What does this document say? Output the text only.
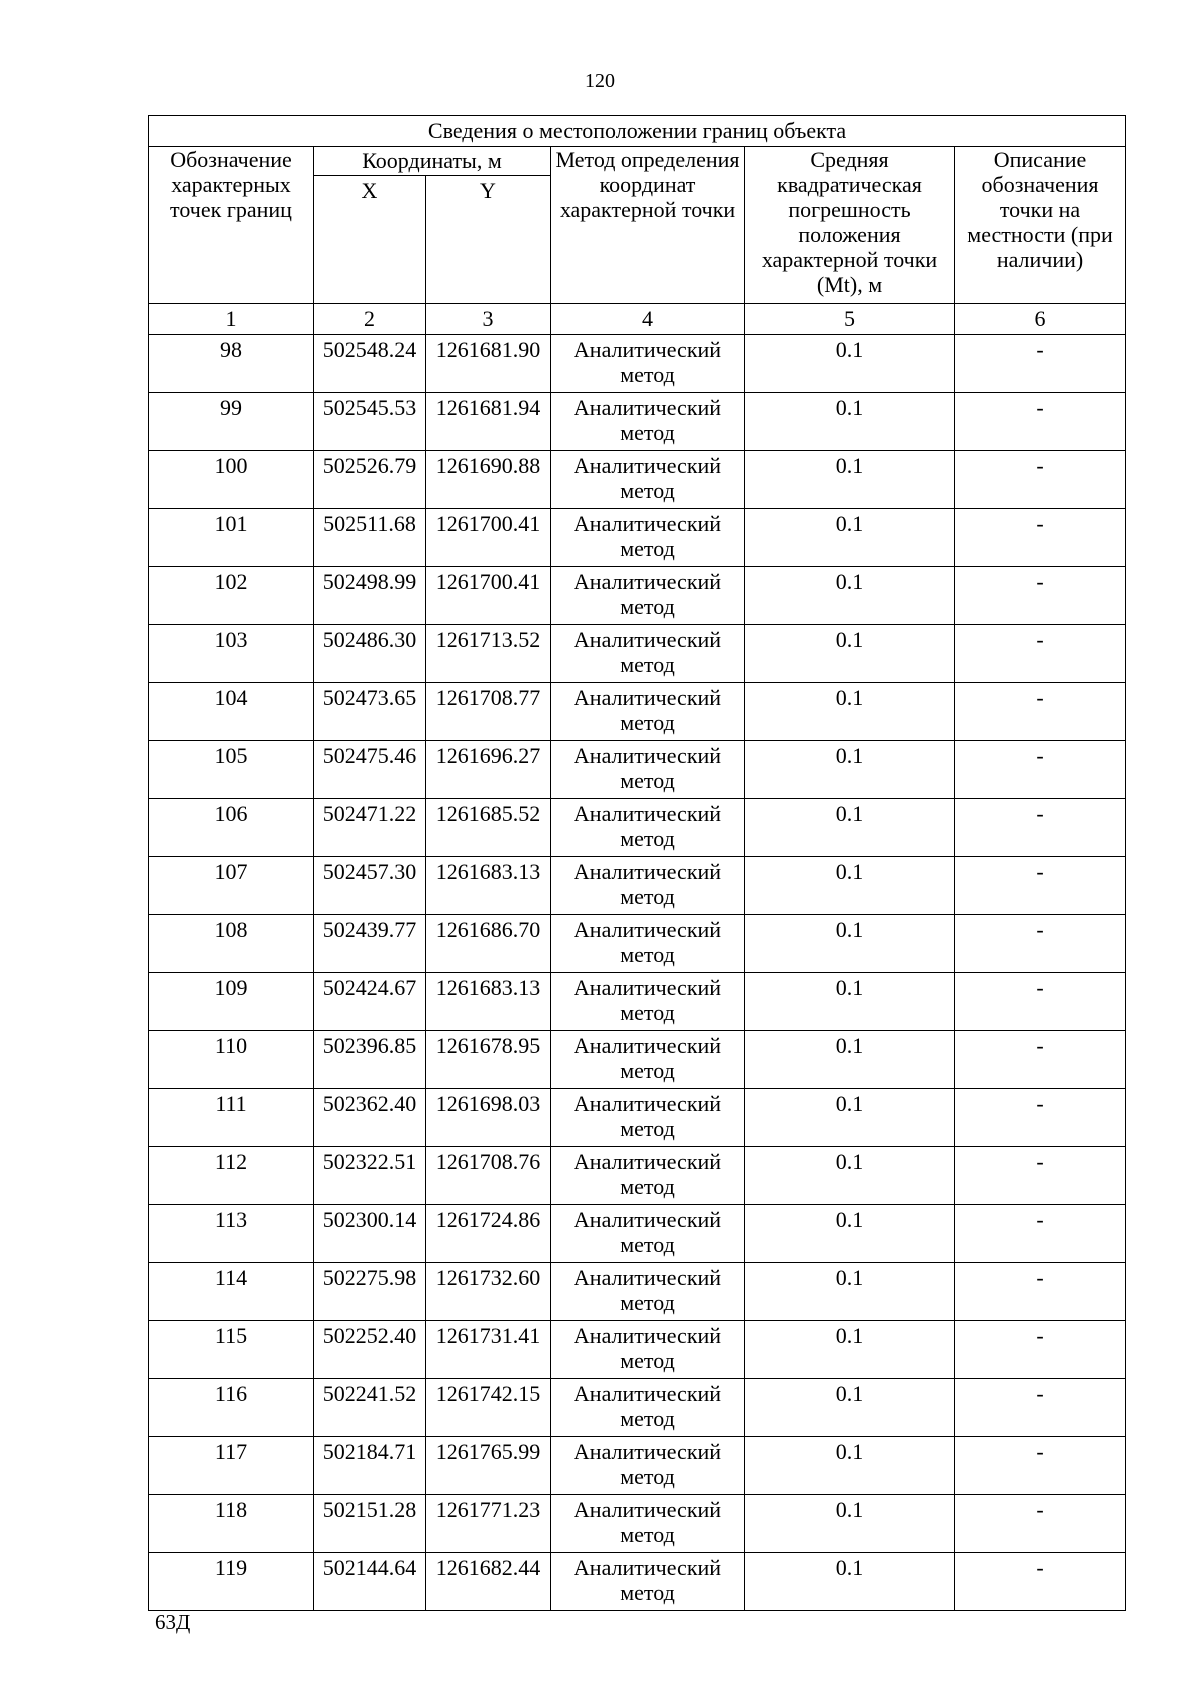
120
Сведения о местоположении границ объекта					
Обозначение характерных точек границ	Координаты, м		Метод определения координат характерной точки	Средняя квадратическая погрешность положения характерной точки (Mt), м	Описание обозначения точки на местности (при наличии)
	X	Y			
1	2	3	4	5	6
98	502548.24	1261681.90	Аналитический метод	0.1	-
99	502545.53	1261681.94	Аналитический метод	0.1	-
100	502526.79	1261690.88	Аналитический метод	0.1	-
101	502511.68	1261700.41	Аналитический метод	0.1	-
102	502498.99	1261700.41	Аналитический метод	0.1	-
103	502486.30	1261713.52	Аналитический метод	0.1	-
104	502473.65	1261708.77	Аналитический метод	0.1	-
105	502475.46	1261696.27	Аналитический метод	0.1	-
106	502471.22	1261685.52	Аналитический метод	0.1	-
107	502457.30	1261683.13	Аналитический метод	0.1	-
108	502439.77	1261686.70	Аналитический метод	0.1	-
109	502424.67	1261683.13	Аналитический метод	0.1	-
110	502396.85	1261678.95	Аналитический метод	0.1	-
111	502362.40	1261698.03	Аналитический метод	0.1	-
112	502322.51	1261708.76	Аналитический метод	0.1	-
113	502300.14	1261724.86	Аналитический метод	0.1	-
114	502275.98	1261732.60	Аналитический метод	0.1	-
115	502252.40	1261731.41	Аналитический метод	0.1	-
116	502241.52	1261742.15	Аналитический метод	0.1	-
117	502184.71	1261765.99	Аналитический метод	0.1	-
118	502151.28	1261771.23	Аналитический метод	0.1	-
119	502144.64	1261682.44	Аналитический метод	0.1	-
63Д
